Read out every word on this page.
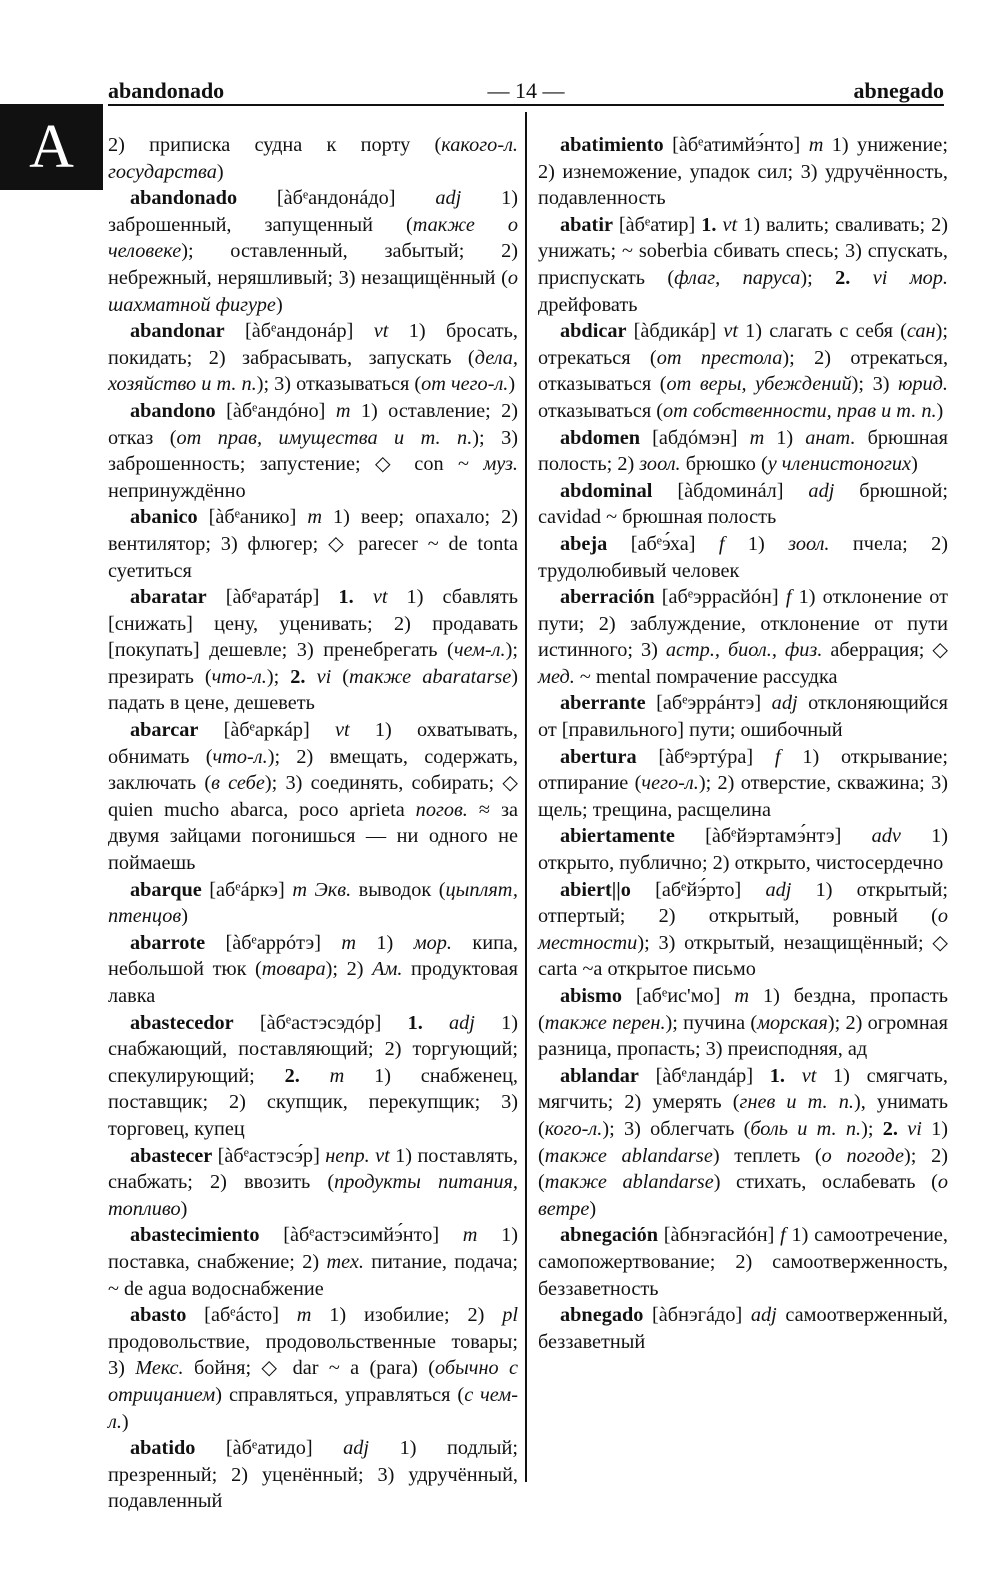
abandonado	— 14 —	abnegado
A	2) приписка судна к порту (какого-л. государства)

abandonado [àбᵉандонáдо] adj 1) заброшенный, запущенный (также о человеке); оставленный, забытый; 2) небрежный, неряшливый; 3) незащищённый (о шахматной фигуре)

abandonar [àбᵉандонáр] vt 1) бросать, покидать; 2) забрасывать, запускать (дела, хозяйство и т. п.); 3) отказываться (от чего-л.)

abandono [àбᵉандóно] m 1) оставление; 2) отказ (от прав, имущества и т. п.); 3) заброшенность; запустение; ◇ con ~ муз. непринуждённо

abanico [àбᵉанико] m 1) веер; опахало; 2) вентилятор; 3) флюгер; ◇ parecer ~ de tonta суетиться

abaratar [àбᵉаратáр] 1. vt 1) сбавлять [снижать] цену, уценивать; 2) продавать [покупать] дешевле; 3) пренебрегать (чем-л.); презирать (что-л.); 2. vi (также abaratarse) падать в цене, дешеветь

abarcar [àбᵉаркáр] vt 1) охватывать, обнимать (что-л.); 2) вмещать, содержать, заключать (в себе); 3) соединять, собирать; ◇ quien mucho abarca, poco aprieta погов. ≈ за двумя зайцами погонишься — ни одного не поймаешь

abarque [абᵉáркэ] m Экв. выводок (цыплят, птенцов)

abarrote [àбᵉаррóтэ] m 1) мор. кипа, небольшой тюк (товара); 2) Ам. продуктовая лавка

abastecedor [àбᵉастэсэдóр] 1. adj 1) снабжающий, поставляющий; 2) торгующий; спекулирующий; 2. m 1) снабженец, поставщик; 2) скупщик, перекупщик; 3) торговец, купец

abastecer [àбᵉастэсэ́р] непр. vt 1) поставлять, снабжать; 2) ввозить (продукты питания, топливо)

abastecimiento [àбᵉастэсимйэ́нто] m 1) поставка, снабжение; 2) тех. питание, подача; ~ de agua водоснабжение

abasto [абᵉáсто] m 1) изобилие; 2) pl продовольствие, продовольственные товары; 3) Мекс. бойня; ◇ dar ~ a (para) (обычно с отрицанием) справляться, управляться (с чем-л.)

abatido [àбᵉатидо] adj 1) подлый; презренный; 2) уценённый; 3) удручённый, подавленный

abatimiento [àбᵉатимйэ́нто] m 1) унижение; 2) изнеможение, упадок сил; 3) удручённость, подавленность

abatir [àбᵉатир] 1. vt 1) валить; сваливать; 2) унижать; ~ soberbia сбивать спесь; 3) спускать, приспускать (флаг, паруса); 2. vi мор. дрейфовать

abdicar [àбдикáр] vt 1) слагать с себя (сан); отрекаться (от престола); 2) отрекаться, отказываться (от веры, убеждений); 3) юрид. отказываться (от собственности, прав и т. п.)

abdomen [абдóмэн] m 1) анат. брюшная полость; 2) зоол. брюшко (у членистоногих)

abdominal [àбдоминáл] adj брюшной; cavidad ~ брюшная полость

abeja [абᵉэ́ха] f 1) зоол. пчела; 2) трудолюбивый человек

aberración [абᵉэррасйóн] f 1) отклонение от пути; 2) заблуждение, отклонение от пути истинного; 3) астр., биол., физ. аберрация; ◇ мед. ~ mental помрачение рассудка

aberrante [абᵉэррáнтэ] adj отклоняющийся от [правильного] пути; ошибочный

abertura [àбᵉэртýра] f 1) открывание; отпирание (чего-л.); 2) отверстие, скважина; 3) щель; трещина, расщелина

abiertamente [àбᵉйэртамэ́нтэ] adv 1) открыто, публично; 2) открыто, чистосердечно

abiert||o [абᵉйэ́рто] adj 1) открытый; отпертый; 2) открытый, ровный (о местности); 3) открытый, незащищённый; ◇ carta ~a открытое письмо

abismo [абᵉис'мо] m 1) бездна, пропасть (также перен.); пучина (морская); 2) огромная разница, пропасть; 3) преисподняя, ад

ablandar [àбᵉландáр] 1. vt 1) смягчать, мягчить; 2) умерять (гнев и т. п.), унимать (кого-л.); 3) облегчать (боль и т. п.); 2. vi 1) (также ablandarse) теплеть (о погоде); 2) (также ablandarse) стихать, ослабевать (о ветре)

abnegación [àбнэгасйóн] f 1) самоотречение, самопожертвование; 2) самоотверженность, беззаветность

abnegado [àбнэгáдо] adj самоотверженный, беззаветный
